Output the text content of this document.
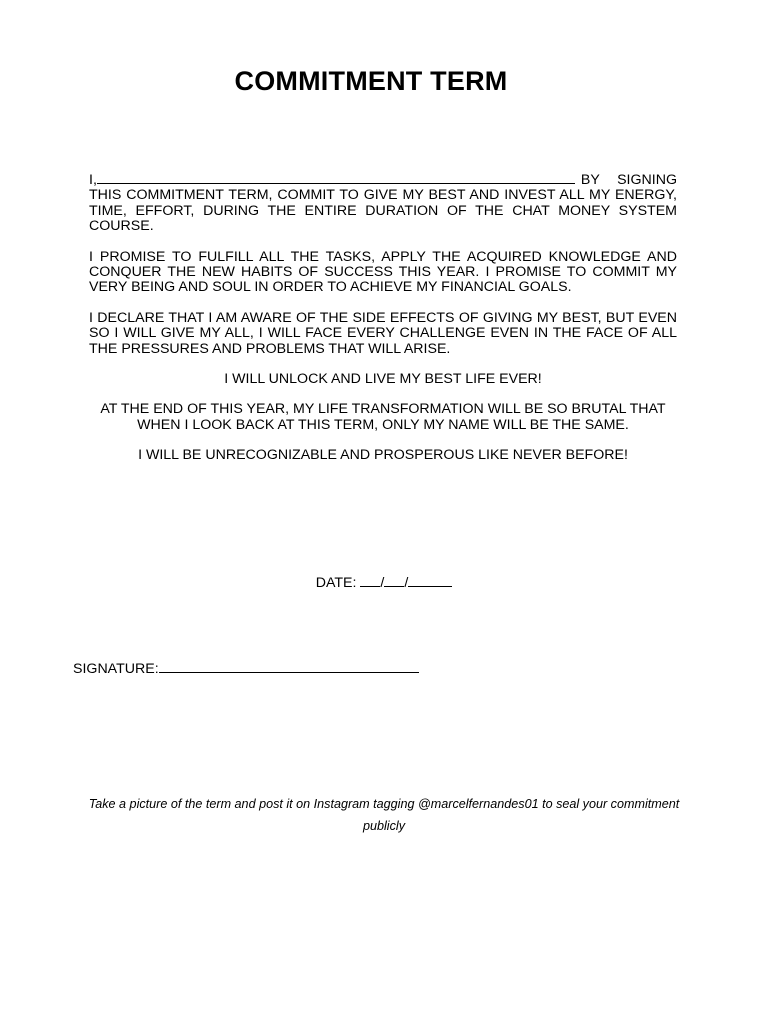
COMMITMENT TERM

I,	BY SIGNING THIS COMMITMENT TERM, COMMIT TO GIVE MY BEST AND INVEST ALL MY ENERGY, TIME, EFFORT, DURING THE ENTIRE DURATION OF THE CHAT MONEY SYSTEM COURSE.

I PROMISE TO FULFILL ALL THE TASKS, APPLY THE ACQUIRED KNOWLEDGE AND CONQUER THE NEW HABITS OF SUCCESS THIS YEAR. I PROMISE TO COMMIT MY VERY BEING AND SOUL IN ORDER TO ACHIEVE MY FINANCIAL GOALS.

I DECLARE THAT I AM AWARE OF THE SIDE EFFECTS OF GIVING MY BEST, BUT EVEN SO I WILL GIVE MY ALL, I WILL FACE EVERY CHALLENGE EVEN IN THE FACE OF ALL THE PRESSURES AND PROBLEMS THAT WILL ARISE.

I WILL UNLOCK AND LIVE MY BEST LIFE EVER!

AT THE END OF THIS YEAR, MY LIFE TRANSFORMATION WILL BE SO BRUTAL THAT WHEN I LOOK BACK AT THIS TERM, ONLY MY NAME WILL BE THE SAME.

I WILL BE UNRECOGNIZABLE AND PROSPEROUS LIKE NEVER BEFORE!

DATE: / /
SIGNATURE:
Take a picture of the term and post it on Instagram tagging @marcelfernandes01 to seal your commitment publicly
